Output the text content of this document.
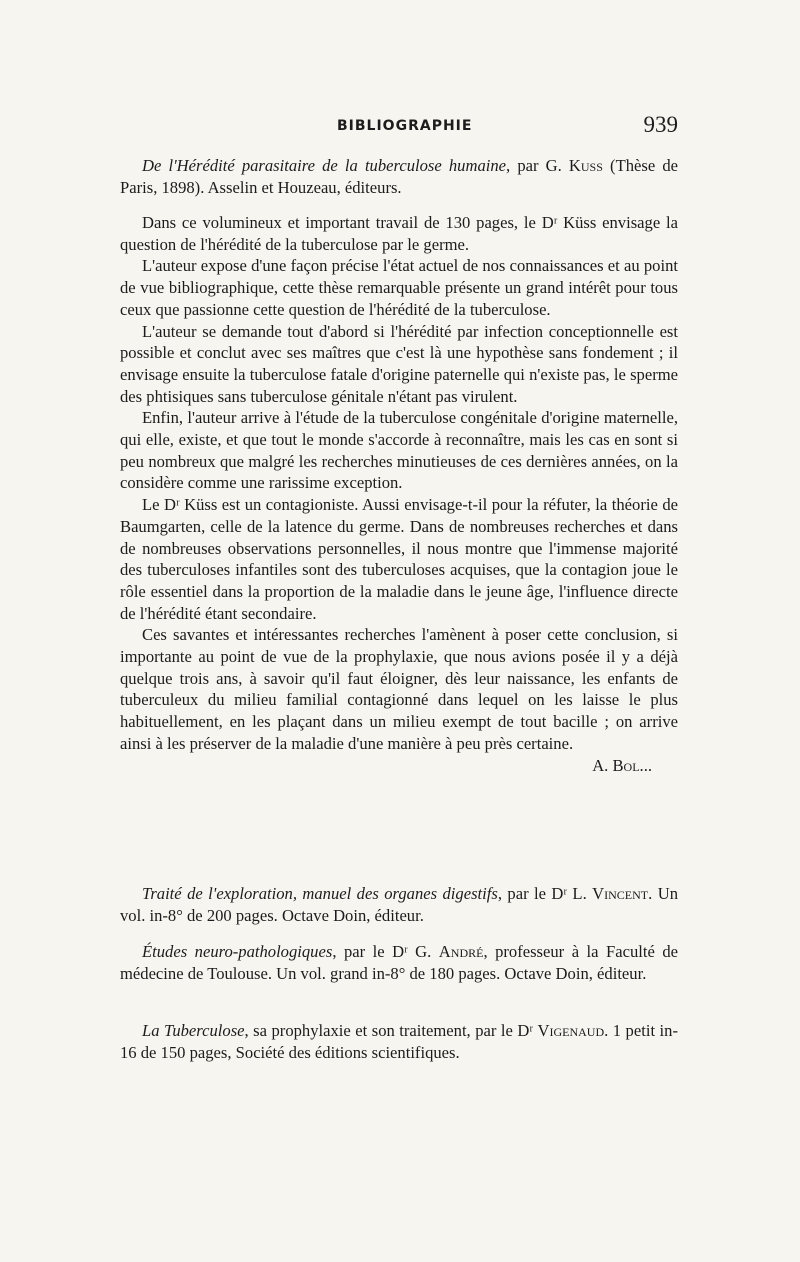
BIBLIOGRAPHIE	939

De l'Hérédité parasitaire de la tuberculose humaine, par G. Kuss (Thèse de Paris, 1898). Asselin et Houzeau, éditeurs.

Dans ce volumineux et important travail de 130 pages, le Dʳ Küss envisage la question de l'hérédité de la tuberculose par le germe.

L'auteur expose d'une façon précise l'état actuel de nos connaissances et au point de vue bibliographique, cette thèse remarquable présente un grand intérêt pour tous ceux que passionne cette question de l'hérédité de la tuberculose.

L'auteur se demande tout d'abord si l'hérédité par infection conceptionnelle est possible et conclut avec ses maîtres que c'est là une hypothèse sans fondement ; il envisage ensuite la tuberculose fatale d'origine paternelle qui n'existe pas, le sperme des phtisiques sans tuberculose génitale n'étant pas virulent.

Enfin, l'auteur arrive à l'étude de la tuberculose congénitale d'origine maternelle, qui elle, existe, et que tout le monde s'accorde à reconnaître, mais les cas en sont si peu nombreux que malgré les recherches minutieuses de ces dernières années, on la considère comme une rarissime exception.

Le Dʳ Küss est un contagioniste. Aussi envisage-t-il pour la réfuter, la théorie de Baumgarten, celle de la latence du germe. Dans de nombreuses recherches et dans de nombreuses observations personnelles, il nous montre que l'immense majorité des tuberculoses infantiles sont des tuberculoses acquises, que la contagion joue le rôle essentiel dans la proportion de la maladie dans le jeune âge, l'influence directe de l'hérédité étant secondaire.

Ces savantes et intéressantes recherches l'amènent à poser cette conclusion, si importante au point de vue de la prophylaxie, que nous avions posée il y a déjà quelque trois ans, à savoir qu'il faut éloigner, dès leur naissance, les enfants de tuberculeux du milieu familial contagionné dans lequel on les laisse le plus habituellement, en les plaçant dans un milieu exempt de tout bacille ; on arrive ainsi à les préserver de la maladie d'une manière à peu près certaine.

A. Bol...

Traité de l'exploration, manuel des organes digestifs, par le Dʳ L. Vincent. Un vol. in-8° de 200 pages. Octave Doin, éditeur.

Études neuro-pathologiques, par le Dʳ G. André, professeur à la Faculté de médecine de Toulouse. Un vol. grand in-8° de 180 pages. Octave Doin, éditeur.

La Tuberculose, sa prophylaxie et son traitement, par le Dʳ Vigenaud. 1 petit in-16 de 150 pages, Société des éditions scientifiques.
